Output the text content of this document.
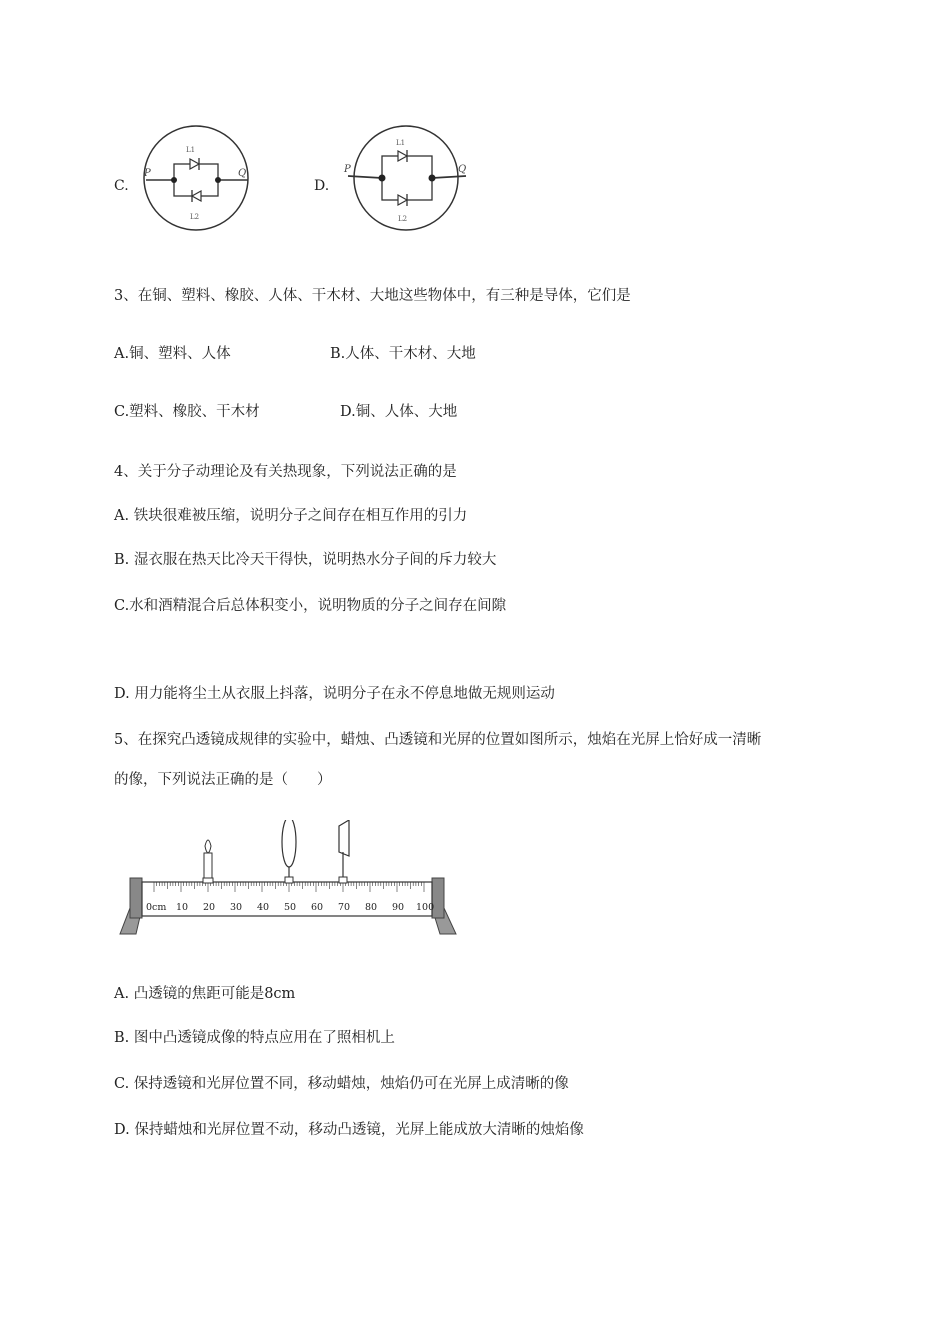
C.
P	Q
L1
L2
D.
P	Q
L1
L2
3、在铜、塑料、橡胶、人体、干木材、大地这些物体中，有三种是导体，它们是
A.铜、塑料、人体	B.人体、干木材、大地
C.塑料、橡胶、干木材	D.铜、人体、大地
4、关于分子动理论及有关热现象，下列说法正确的是
A. 铁块很难被压缩，说明分子之间存在相互作用的引力
B. 湿衣服在热天比冷天干得快，说明热水分子间的斥力较大
C.水和酒精混合后总体积变小，说明物质的分子之间存在间隙
D. 用力能将尘土从衣服上抖落，说明分子在永不停息地做无规则运动
5、在探究凸透镜成规律的实验中，蜡烛、凸透镜和光屏的位置如图所示，烛焰在光屏上恰好成一清晰
的像，下列说法正确的是（　　）
0cm 10 20 30 40 50 60 70 80 90 100
A. 凸透镜的焦距可能是8cm
B. 图中凸透镜成像的特点应用在了照相机上
C. 保持透镜和光屏位置不同，移动蜡烛，烛焰仍可在光屏上成清晰的像
D. 保持蜡烛和光屏位置不动，移动凸透镜，光屏上能成放大清晰的烛焰像
